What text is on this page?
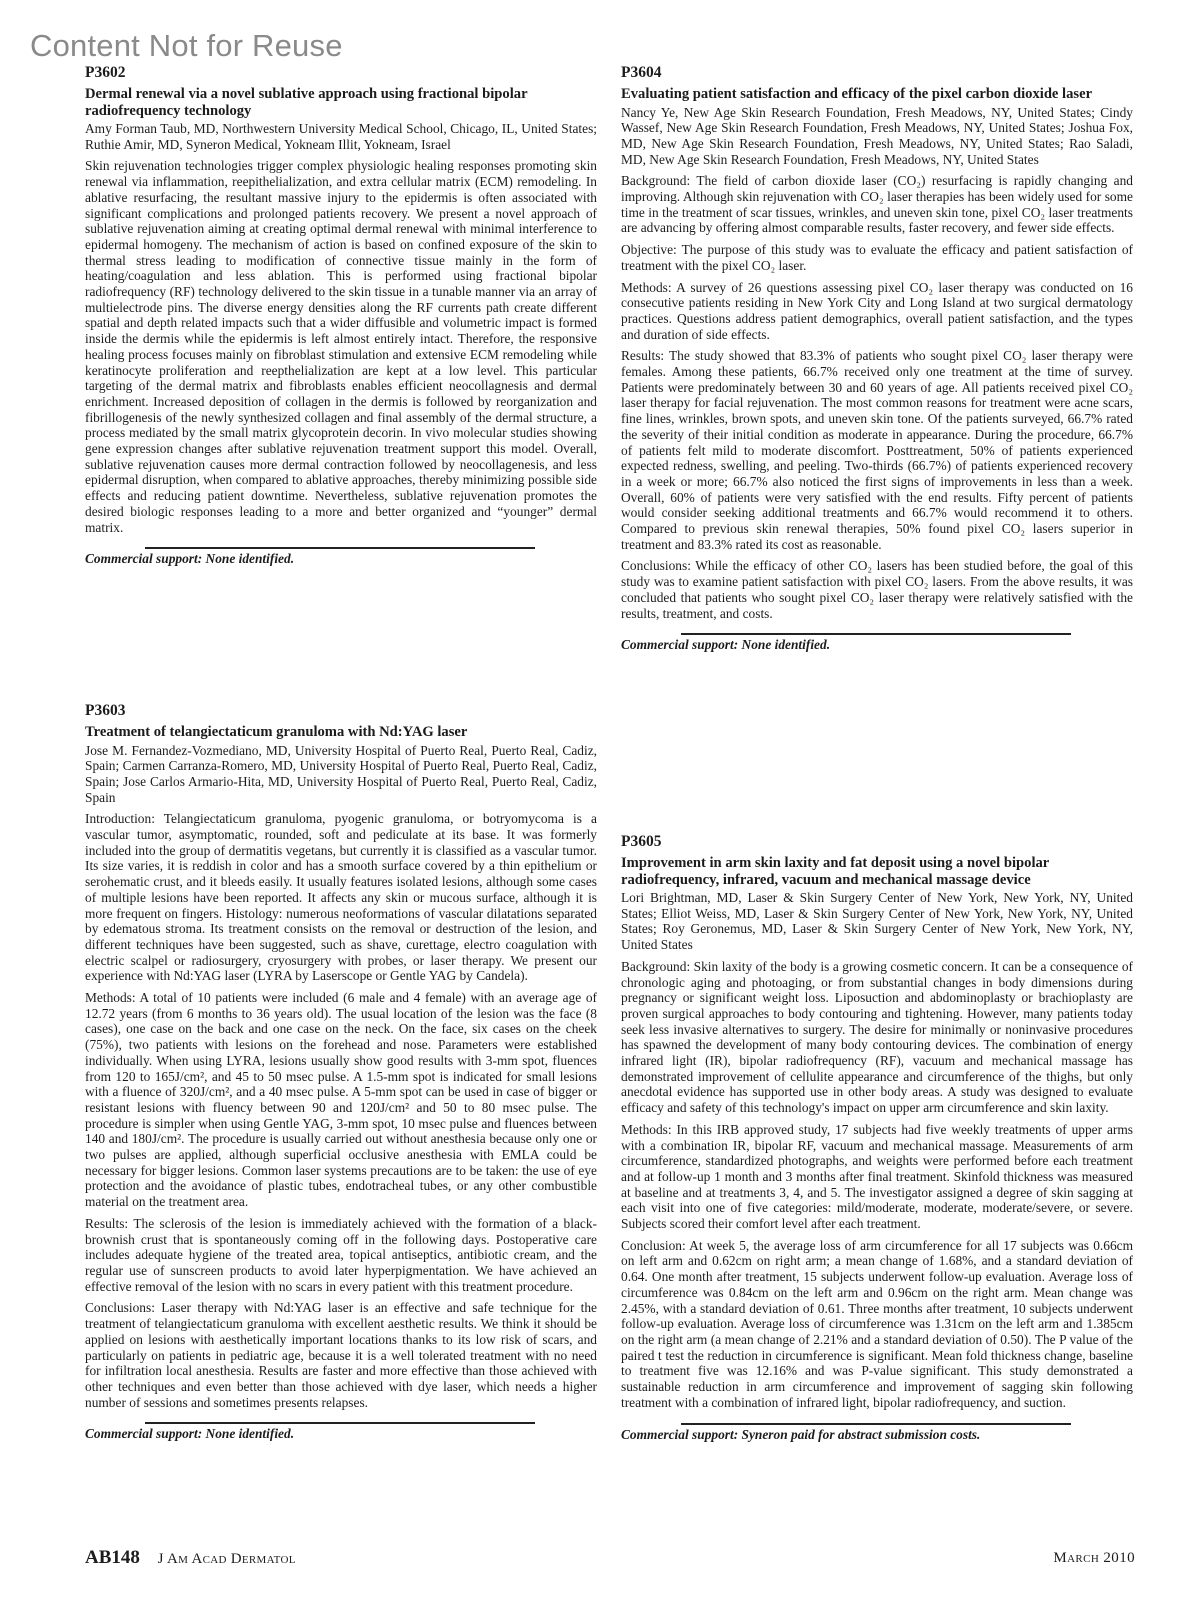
Content Not for Reuse

P3602

Dermal renewal via a novel sublative approach using fractional bipolar radiofrequency technology
Amy Forman Taub, MD, Northwestern University Medical School, Chicago, IL, United States; Ruthie Amir, MD, Syneron Medical, Yokneam Illit, Yokneam, Israel
Skin rejuvenation technologies trigger complex physiologic healing responses promoting skin renewal via inflammation, reepithelialization, and extra cellular matrix (ECM) remodeling. In ablative resurfacing, the resultant massive injury to the epidermis is often associated with significant complications and prolonged patients recovery. We present a novel approach of sublative rejuvenation aiming at creating optimal dermal renewal with minimal interference to epidermal homogeny. The mechanism of action is based on confined exposure of the skin to thermal stress leading to modification of connective tissue mainly in the form of heating/coagulation and less ablation. This is performed using fractional bipolar radiofrequency (RF) technology delivered to the skin tissue in a tunable manner via an array of multielectrode pins. The diverse energy densities along the RF currents path create different spatial and depth related impacts such that a wider diffusible and volumetric impact is formed inside the dermis while the epidermis is left almost entirely intact. Therefore, the responsive healing process focuses mainly on fibroblast stimulation and extensive ECM remodeling while keratinocyte proliferation and reepthelialization are kept at a low level. This particular targeting of the dermal matrix and fibroblasts enables efficient neocollagnesis and dermal enrichment. Increased deposition of collagen in the dermis is followed by reorganization and fibrillogenesis of the newly synthesized collagen and final assembly of the dermal structure, a process mediated by the small matrix glycoprotein decorin. In vivo molecular studies showing gene expression changes after sublative rejuvenation treatment support this model. Overall, sublative rejuvenation causes more dermal contraction followed by neocollagenesis, and less epidermal disruption, when compared to ablative approaches, thereby minimizing possible side effects and reducing patient downtime. Nevertheless, sublative rejuvenation promotes the desired biologic responses leading to a more and better organized and “younger” dermal matrix.
Commercial support: None identified.

P3603

Treatment of telangiectaticum granuloma with Nd:YAG laser
Jose M. Fernandez-Vozmediano, MD, University Hospital of Puerto Real, Puerto Real, Cadiz, Spain; Carmen Carranza-Romero, MD, University Hospital of Puerto Real, Puerto Real, Cadiz, Spain; Jose Carlos Armario-Hita, MD, University Hospital of Puerto Real, Puerto Real, Cadiz, Spain
Introduction: Telangiectaticum granuloma, pyogenic granuloma, or botryomycoma is a vascular tumor, asymptomatic, rounded, soft and pediculate at its base. It was formerly included into the group of dermatitis vegetans, but currently it is classified as a vascular tumor. Its size varies, it is reddish in color and has a smooth surface covered by a thin epithelium or serohematic crust, and it bleeds easily. It usually features isolated lesions, although some cases of multiple lesions have been reported. It affects any skin or mucous surface, although it is more frequent on fingers. Histology: numerous neoformations of vascular dilatations separated by edematous stroma. Its treatment consists on the removal or destruction of the lesion, and different techniques have been suggested, such as shave, curettage, electro coagulation with electric scalpel or radiosurgery, cryosurgery with probes, or laser therapy. We present our experience with Nd:YAG laser (LYRA by Laserscope or Gentle YAG by Candela).
Methods: A total of 10 patients were included (6 male and 4 female) with an average age of 12.72 years (from 6 months to 36 years old). The usual location of the lesion was the face (8 cases), one case on the back and one case on the neck. On the face, six cases on the cheek (75%), two patients with lesions on the forehead and nose. Parameters were established individually. When using LYRA, lesions usually show good results with 3-mm spot, fluences from 120 to 165J/cm², and 45 to 50 msec pulse. A 1.5-mm spot is indicated for small lesions with a fluence of 320J/cm², and a 40 msec pulse. A 5-mm spot can be used in case of bigger or resistant lesions with fluency between 90 and 120J/cm² and 50 to 80 msec pulse. The procedure is simpler when using Gentle YAG, 3-mm spot, 10 msec pulse and fluences between 140 and 180J/cm². The procedure is usually carried out without anesthesia because only one or two pulses are applied, although superficial occlusive anesthesia with EMLA could be necessary for bigger lesions. Common laser systems precautions are to be taken: the use of eye protection and the avoidance of plastic tubes, endotracheal tubes, or any other combustible material on the treatment area.
Results: The sclerosis of the lesion is immediately achieved with the formation of a black-brownish crust that is spontaneously coming off in the following days. Postoperative care includes adequate hygiene of the treated area, topical antiseptics, antibiotic cream, and the regular use of sunscreen products to avoid later hyperpigmentation. We have achieved an effective removal of the lesion with no scars in every patient with this treatment procedure.
Conclusions: Laser therapy with Nd:YAG laser is an effective and safe technique for the treatment of telangiectaticum granuloma with excellent aesthetic results. We think it should be applied on lesions with aesthetically important locations thanks to its low risk of scars, and particularly on patients in pediatric age, because it is a well tolerated treatment with no need for infiltration local anesthesia. Results are faster and more effective than those achieved with other techniques and even better than those achieved with dye laser, which needs a higher number of sessions and sometimes presents relapses.
Commercial support: None identified.

P3604

Evaluating patient satisfaction and efficacy of the pixel carbon dioxide laser
Nancy Ye, New Age Skin Research Foundation, Fresh Meadows, NY, United States; Cindy Wassef, New Age Skin Research Foundation, Fresh Meadows, NY, United States; Joshua Fox, MD, New Age Skin Research Foundation, Fresh Meadows, NY, United States; Rao Saladi, MD, New Age Skin Research Foundation, Fresh Meadows, NY, United States
Background: The field of carbon dioxide laser (CO₂) resurfacing is rapidly changing and improving. Although skin rejuvenation with CO₂ laser therapies has been widely used for some time in the treatment of scar tissues, wrinkles, and uneven skin tone, pixel CO₂ laser treatments are advancing by offering almost comparable results, faster recovery, and fewer side effects.
Objective: The purpose of this study was to evaluate the efficacy and patient satisfaction of treatment with the pixel CO₂ laser.
Methods: A survey of 26 questions assessing pixel CO₂ laser therapy was conducted on 16 consecutive patients residing in New York City and Long Island at two surgical dermatology practices. Questions address patient demographics, overall patient satisfaction, and the types and duration of side effects.
Results: The study showed that 83.3% of patients who sought pixel CO₂ laser therapy were females. Among these patients, 66.7% received only one treatment at the time of survey. Patients were predominately between 30 and 60 years of age. All patients received pixel CO₂ laser therapy for facial rejuvenation. The most common reasons for treatment were acne scars, fine lines, wrinkles, brown spots, and uneven skin tone. Of the patients surveyed, 66.7% rated the severity of their initial condition as moderate in appearance. During the procedure, 66.7% of patients felt mild to moderate discomfort. Posttreatment, 50% of patients experienced expected redness, swelling, and peeling. Two-thirds (66.7%) of patients experienced recovery in a week or more; 66.7% also noticed the first signs of improvements in less than a week. Overall, 60% of patients were very satisfied with the end results. Fifty percent of patients would consider seeking additional treatments and 66.7% would recommend it to others. Compared to previous skin renewal therapies, 50% found pixel CO₂ lasers superior in treatment and 83.3% rated its cost as reasonable.
Conclusions: While the efficacy of other CO₂ lasers has been studied before, the goal of this study was to examine patient satisfaction with pixel CO₂ lasers. From the above results, it was concluded that patients who sought pixel CO₂ laser therapy were relatively satisfied with the results, treatment, and costs.
Commercial support: None identified.

P3605

Improvement in arm skin laxity and fat deposit using a novel bipolar radiofrequency, infrared, vacuum and mechanical massage device
Lori Brightman, MD, Laser & Skin Surgery Center of New York, New York, NY, United States; Elliot Weiss, MD, Laser & Skin Surgery Center of New York, New York, NY, United States; Roy Geronemus, MD, Laser & Skin Surgery Center of New York, New York, NY, United States
Background: Skin laxity of the body is a growing cosmetic concern. It can be a consequence of chronologic aging and photoaging, or from substantial changes in body dimensions during pregnancy or significant weight loss. Liposuction and abdominoplasty or brachioplasty are proven surgical approaches to body contouring and tightening. However, many patients today seek less invasive alternatives to surgery. The desire for minimally or noninvasive procedures has spawned the development of many body contouring devices. The combination of energy infrared light (IR), bipolar radiofrequency (RF), vacuum and mechanical massage has demonstrated improvement of cellulite appearance and circumference of the thighs, but only anecdotal evidence has supported use in other body areas. A study was designed to evaluate efficacy and safety of this technology's impact on upper arm circumference and skin laxity.
Methods: In this IRB approved study, 17 subjects had five weekly treatments of upper arms with a combination IR, bipolar RF, vacuum and mechanical massage. Measurements of arm circumference, standardized photographs, and weights were performed before each treatment and at follow-up 1 month and 3 months after final treatment. Skinfold thickness was measured at baseline and at treatments 3, 4, and 5. The investigator assigned a degree of skin sagging at each visit into one of five categories: mild/moderate, moderate, moderate/severe, or severe. Subjects scored their comfort level after each treatment.
Conclusion: At week 5, the average loss of arm circumference for all 17 subjects was 0.66cm on left arm and 0.62cm on right arm; a mean change of 1.68%, and a standard deviation of 0.64. One month after treatment, 15 subjects underwent follow-up evaluation. Average loss of circumference was 0.84cm on the left arm and 0.96cm on the right arm. Mean change was 2.45%, with a standard deviation of 0.61. Three months after treatment, 10 subjects underwent follow-up evaluation. Average loss of circumference was 1.31cm on the left arm and 1.385cm on the right arm (a mean change of 2.21% and a standard deviation of 0.50). The P value of the paired t test the reduction in circumference is significant. Mean fold thickness change, baseline to treatment five was 12.16% and was P-value significant. This study demonstrated a sustainable reduction in arm circumference and improvement of sagging skin following treatment with a combination of infrared light, bipolar radiofrequency, and suction.
Commercial support: Syneron paid for abstract submission costs.
AB148 J Am Acad Dermatol	March 2010
